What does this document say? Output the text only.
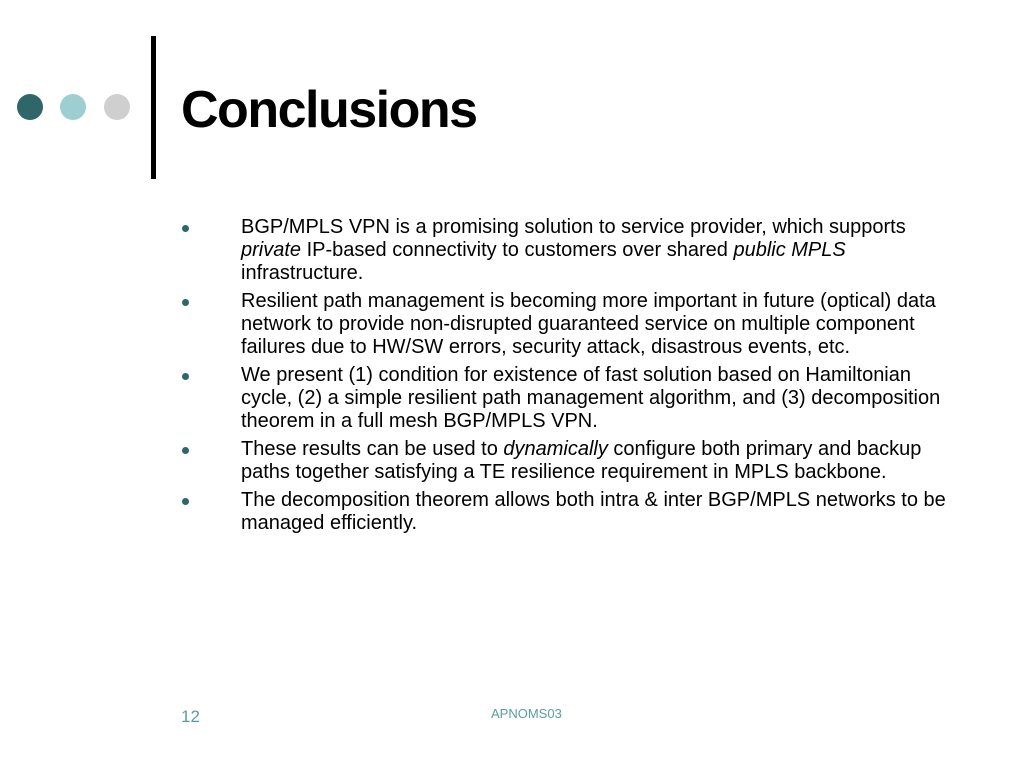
Conclusions
BGP/MPLS VPN is a promising solution to service provider, which supports private IP-based connectivity to customers over shared public MPLS infrastructure.
Resilient path management is becoming more important in future (optical) data network to provide non-disrupted guaranteed service on multiple component failures due to HW/SW errors, security attack, disastrous events, etc.
We present (1) condition for existence of fast solution based on Hamiltonian cycle, (2) a simple resilient path management algorithm, and (3) decomposition theorem in a full mesh BGP/MPLS VPN.
These results can be used to dynamically configure both primary and backup paths together satisfying a TE resilience requirement in MPLS backbone.
The decomposition theorem allows both intra & inter BGP/MPLS networks to be managed efficiently.
12	APNOMS03
